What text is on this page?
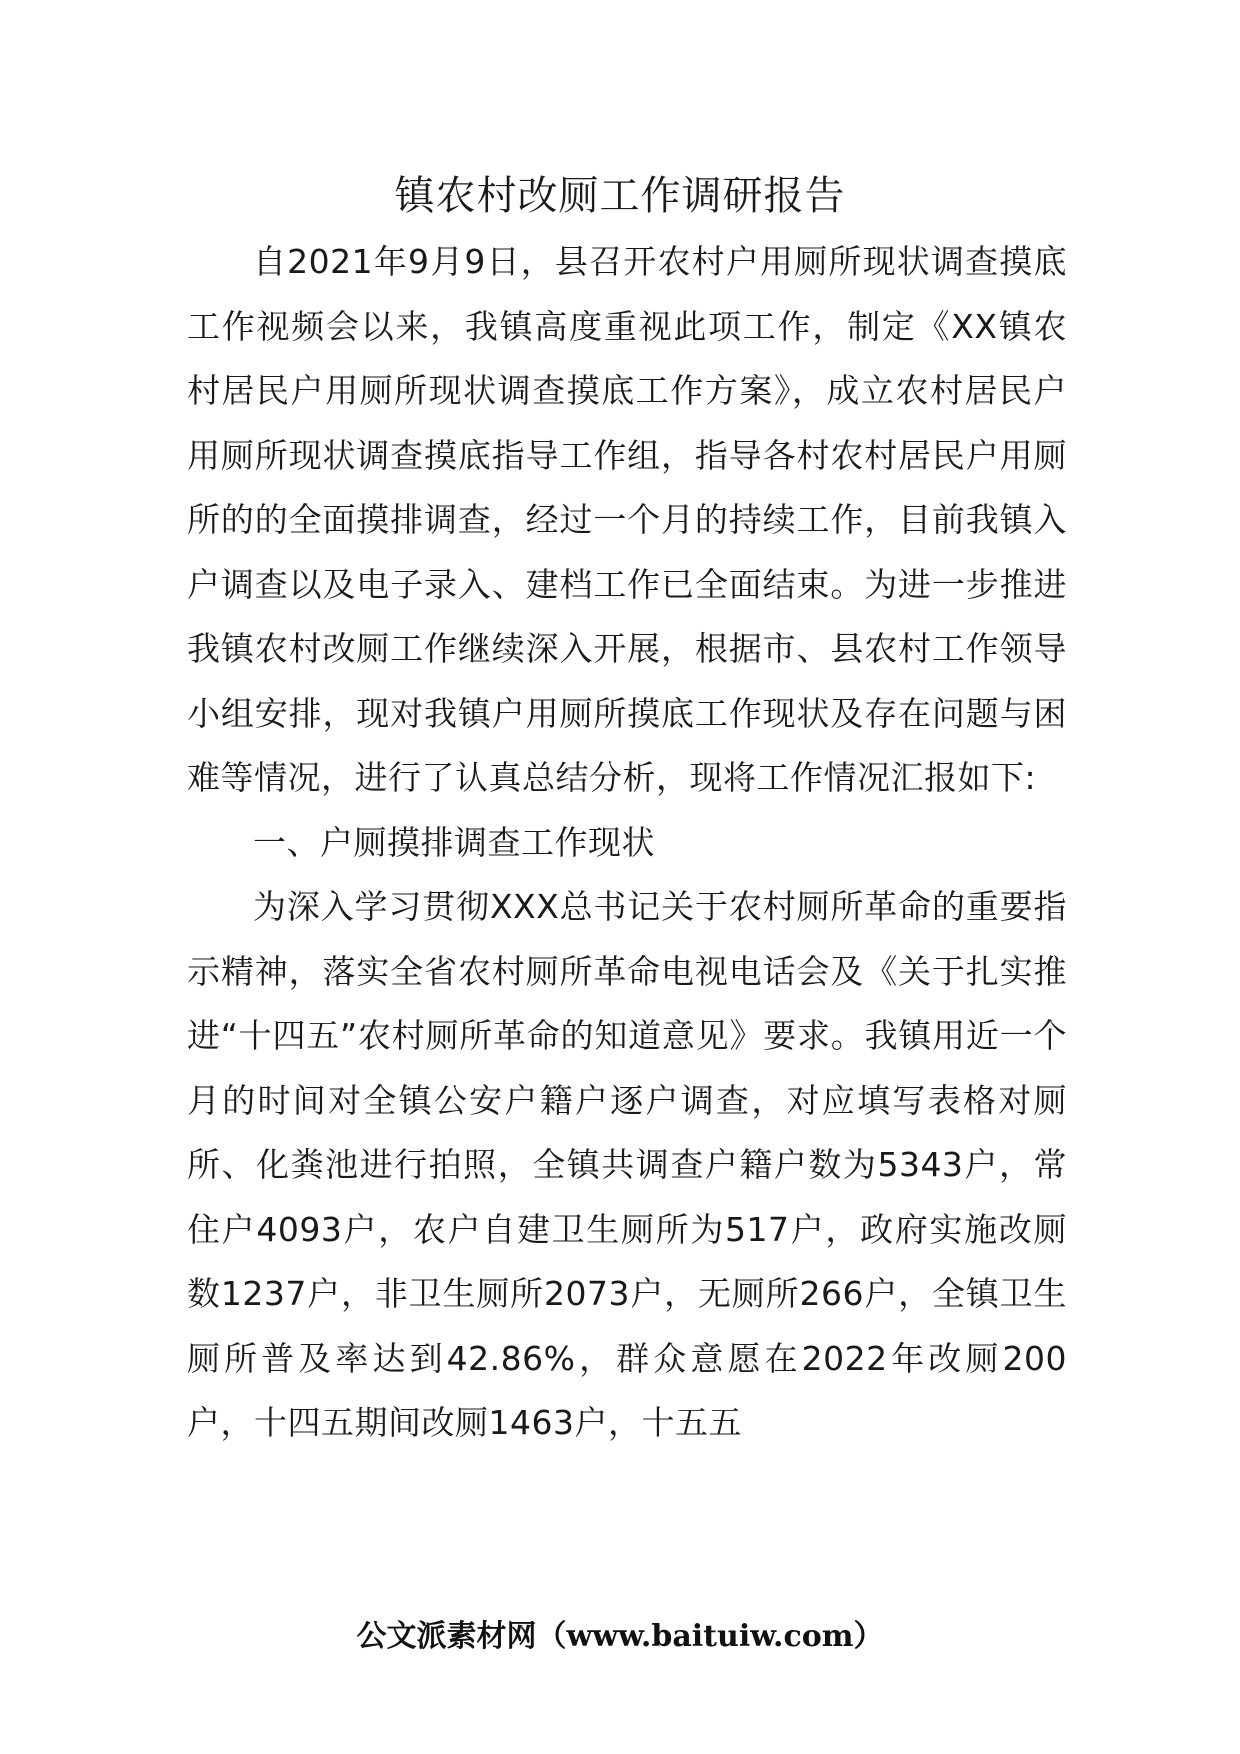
镇农村改厕工作调研报告

自2021年9月9日，县召开农村户用厕所现状调查摸底工作视频会以来，我镇高度重视此项工作，制定《XX镇农村居民户用厕所现状调查摸底工作方案》，成立农村居民户用厕所现状调查摸底指导工作组，指导各村农村居民户用厕所的的全面摸排调查，经过一个月的持续工作，目前我镇入户调查以及电子录入、建档工作已全面结束。为进一步推进我镇农村改厕工作继续深入开展，根据市、县农村工作领导小组安排，现对我镇户用厕所摸底工作现状及存在问题与困难等情况，进行了认真总结分析，现将工作情况汇报如下:

一、户厕摸排调查工作现状

为深入学习贯彻XXX总书记关于农村厕所革命的重要指示精神，落实全省农村厕所革命电视电话会及《关于扎实推进“十四五”农村厕所革命的知道意见》要求。我镇用近一个月的时间对全镇公安户籍户逐户调查，对应填写表格对厕所、化粪池进行拍照，全镇共调查户籍户数为5343户，常住户4093户，农户自建卫生厕所为517户，政府实施改厕数1237户，非卫生厕所2073户，无厕所266户，全镇卫生厕所普及率达到42.86%，群众意愿在2022年改厕200户，十四五期间改厕1463户，十五五

公文派素材网（www.baituiw.com）
